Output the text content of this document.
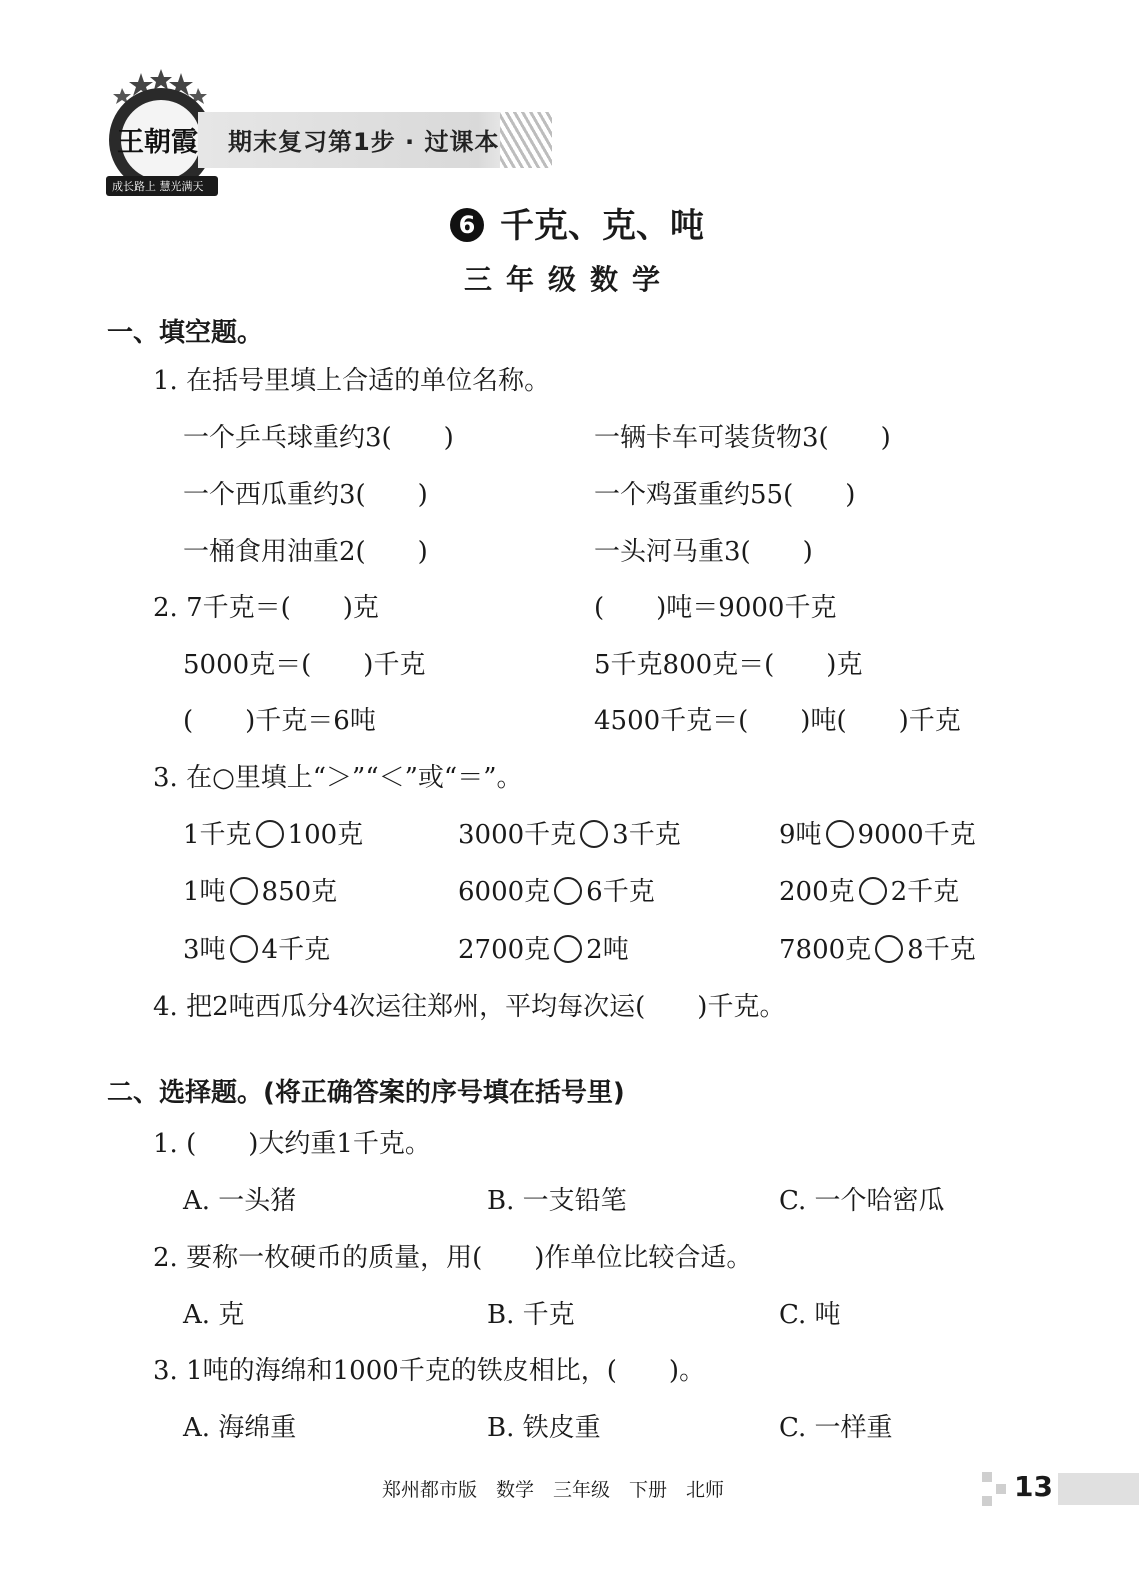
王朝霞
成长路上 慧光满天
期末复习第1步 · 过课本
6 千克、克、吨
三年级数学
一、填空题。
1. 在括号里填上合适的单位名称。
一个乒乓球重约3(　　)	一辆卡车可装货物3(　　)
一个西瓜重约3(　　)	一个鸡蛋重约55(　　)
一桶食用油重2(　　)	一头河马重3(　　)
2. 7千克＝(　　)克	(　　)吨＝9000千克
5000克＝(　　)千克	5千克800克＝(　　)克
(　　)千克＝6吨	4500千克＝(　　)吨(　　)千克
3. 在○里填上“＞”“＜”或“＝”。
1千克 100克	3000千克 3千克	9吨 9000千克
1吨 850克	6000克 6千克	200克 2千克
3吨 4千克	2700克 2吨	7800克 8千克
4. 把2吨西瓜分4次运往郑州，平均每次运(　　)千克。
二、选择题。(将正确答案的序号填在括号里)
1. (　　)大约重1千克。
A. 一头猪	B. 一支铅笔	C. 一个哈密瓜
2. 要称一枚硬币的质量，用(　　)作单位比较合适。
A. 克	B. 千克	C. 吨
3. 1吨的海绵和1000千克的铁皮相比，(　　)。
A. 海绵重	B. 铁皮重	C. 一样重
郑州都市版　数学　三年级　下册　北师	13
